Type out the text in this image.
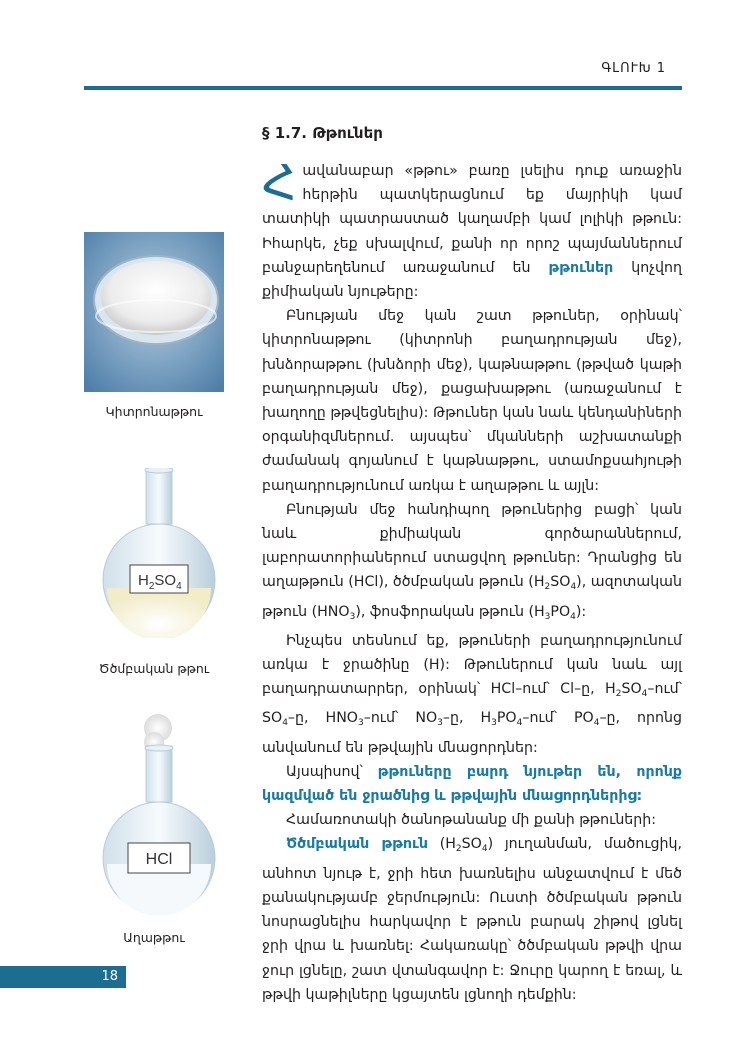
ԳԼՈՒԽ 1
§ 1.7. Թթուներ

Հավանաբար «թթու» բառը լսելիս դուք առաջին հերթին պատկերացնում եք մայրիկի կամ տատիկի պատրաստած կաղամբի կամ լոլիկի թթուն: Իհարկե, չեք սխալվում, քանի որ որոշ պայմաններում բանջարեղենում առաջանում են թթուներ կոչվող քիմիական նյութերը:

Բնության մեջ կան շատ թթուներ, օրինակ՝ կիտրոնաթթու (կիտրոնի բաղադրության մեջ), խնձորաթթու (խնձորի մեջ), կաթնաթթու (թթված կաթի բաղադրության մեջ), քացախաթթու (առաջանում է խաղողը թթվեցնելիս): Թթուներ կան նաև կենդանիների օրգանիզմներում. այսպես՝ մկանների աշխատանքի ժամանակ գոյանում է կաթնաթթու, ստամոքսահյութի բաղադրությունում առկա է աղաթթու և այլն:

Բնության մեջ հանդիպող թթուներից բացի՝ կան նաև քիմիական գործարաններում, լաբորատորիաներում ստացվող թթուներ: Դրանցից են աղաթթուն (HCl), ծծմբական թթուն $(H_2SO_4)$, ազոտական թթուն $(HNO_3)$, ֆոսֆորական թթուն $(H_3PO_4)$:

Ինչպես տեսնում եք, թթուների բաղադրությունում առկա է ջրածինը (H): Թթուներում կան նաև այլ բաղադրատարրեր, օրինակ՝ HCl–ում՝ Cl–ը, $H_2SO_4-ում՝$ $SO_4-ը$, $HNO_3-ում՝$ $NO_3-ը$, $H_3PO_4-ում՝$ $PO_4-ը$, որոնց անվանում են թթվային մնացորդներ:

Այսպիսով՝ թթուները բարդ նյութեր են, որոնք կազմված են ջրածնից և թթվային մնացորդներից:

Համառոտակի ծանոթանանք մի քանի թթուների:

Ծծմբական թթուն $(H_2SO_4)$ յուղանման, մածուցիկ, անհոտ նյութ է, ջրի հետ խառնելիս անջատվում է մեծ քանակությամբ ջերմություն: Ուստի ծծմբական թթուն նոսրացնելիս հարկավոր է թթուն բարակ շիթով լցնել ջրի վրա և խառնել: Հակառակը՝ ծծմբական թթվի վրա ջուր լցնելը, շատ վտանգավոր է: Ջուրը կարող է եռալ, և թթվի կաթիլները կցայտեն լցնողի դեմքին:

Կիտրոնաթթու
$H_2SO_4$
Ծծմբական թթու
HCl
Աղաթթու
18
